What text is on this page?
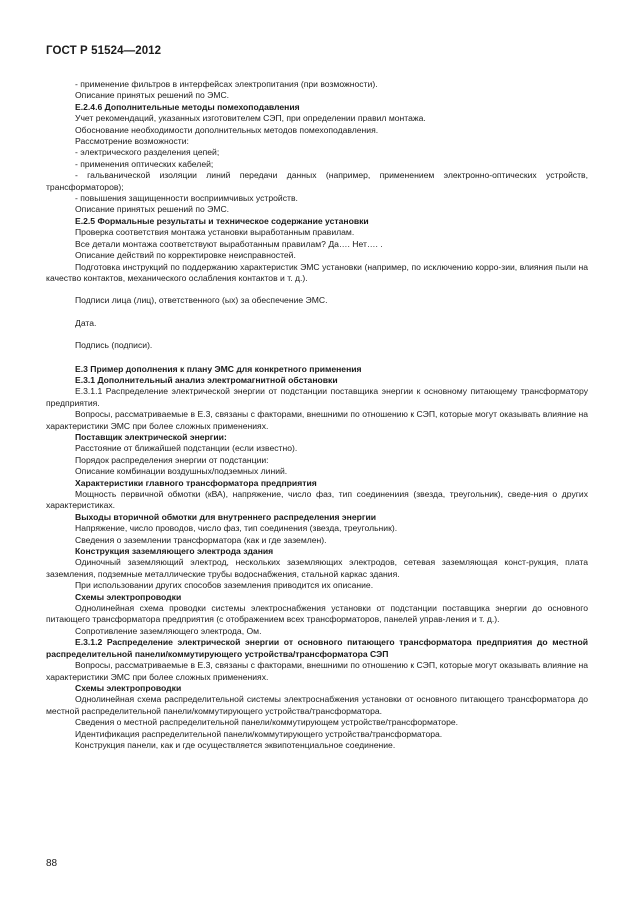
ГОСТ Р 51524—2012

- применение фильтров в интерфейсах электропитания (при возможности).

Описание принятых решений по ЭМС.

E.2.4.6 Дополнительные методы помехоподавления

Учет рекомендаций, указанных изготовителем СЭП, при определении правил монтажа.

Обоснование необходимости дополнительных методов помехоподавления.

Рассмотрение возможности:

- электрического разделения цепей;

- применения оптических кабелей;

- гальванической изоляции линий передачи данных (например, применением электронно-оптических устройств, трансформаторов);

- повышения защищенности восприимчивых устройств.

Описание принятых решений по ЭМС.

E.2.5 Формальные результаты и техническое содержание установки

Проверка соответствия монтажа установки выработанным правилам.

Все детали монтажа соответствуют выработанным правилам? Да…. Нет…. .

Описание действий по корректировке неисправностей.

Подготовка инструкций по поддержанию характеристик ЭМС установки (например, по исключению корро-зии, влияния пыли на качество контактов, механического ослабления контактов и т. д.).

Подписи лица (лиц), ответственного (ых) за обеспечение ЭМС.

Дата.

Подпись (подписи).

E.3 Пример дополнения к плану ЭМС для конкретного применения

E.3.1 Дополнительный анализ электромагнитной обстановки

E.3.1.1 Распределение электрической энергии от подстанции поставщика энергии к основному питающему трансформатору предприятия.

Вопросы, рассматриваемые в E.3, связаны с факторами, внешними по отношению к СЭП, которые могут оказывать влияние на характеристики ЭМС при более сложных применениях.

Поставщик электрической энергии:

Расстояние от ближайшей подстанции (если известно).

Порядок распределения энергии от подстанции:

Описание комбинации воздушных/подземных линий.

Характеристики главного трансформатора предприятия

Мощность первичной обмотки (кВА), напряжение, число фаз, тип соединениия (звезда, треугольник), сведе-ния о других характеристиках.

Выходы вторичной обмотки для внутреннего распределения энергии

Напряжение, число проводов, число фаз, тип соединения (звезда, треугольник).

Сведения о заземлении трансформатора (как и где заземлен).

Конструкция заземляющего электрода здания

Одиночный заземляющий электрод, нескольких заземляющих электродов, сетевая заземляющая конст-рукция, плата заземления, подземные металлические трубы водоснабжения, стальной каркас здания.

При использовании других способов заземления приводится их описание.

Схемы электропроводки

Однолинейная схема проводки системы электроснабжения установки от подстанции поставщика энергии до основного питающего трансформатора предприятия (с отображением всех трансформаторов, панелей управ-ления и т. д.).

Сопротивление заземляющего электрода, Ом.

E.3.1.2 Распределение электрической энергии от основного питающего трансформатора предприятия до местной распределительной панели/коммутирующего устройства/трансформатора СЭП

Вопросы, рассматриваемые в E.3, связаны с факторами, внешними по отношению к СЭП, которые могут оказывать влияние на характеристики ЭМС при более сложных применениях.

Схемы электропроводки

Однолинейная схема распределительной системы электроснабжения установки от основного питающего трансформатора до местной распределительной панели/коммутирующего устройства/трансформатора.

Сведения о местной распределительной панели/коммутирующем устройстве/трансформаторе.

Идентификация распределительной панели/коммутирующего устройства/трансформатора.

Конструкция панели, как и где осуществляется эквипотенциальное соединение.

88
